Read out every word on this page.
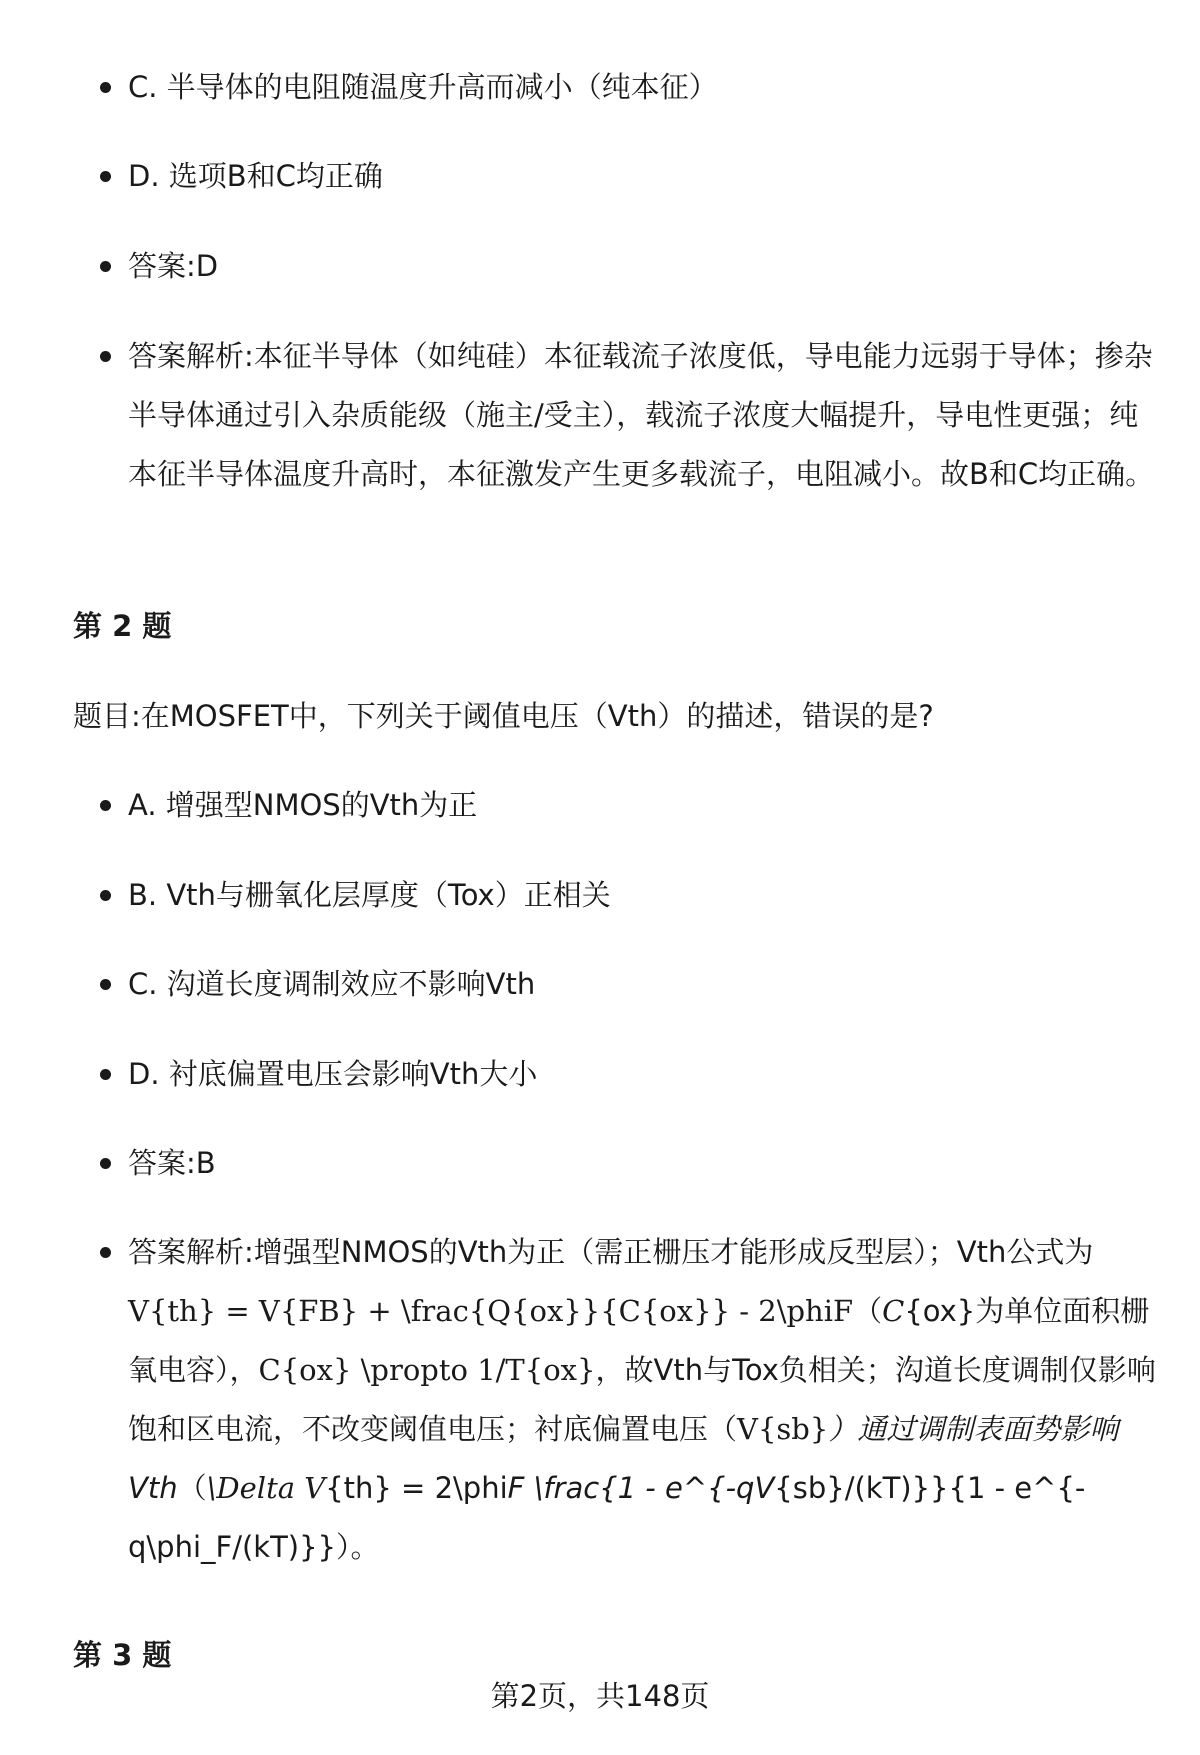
C. 半导体的电阻随温度升高而减小（纯本征）
D. 选项B和C均正确
答案:D
答案解析:本征半导体（如纯硅）本征载流子浓度低，导电能力远弱于导体；掺杂半导体通过引入杂质能级（施主/受主），载流子浓度大幅提升，导电性更强；纯本征半导体温度升高时，本征激发产生更多载流子，电阻减小。故B和C均正确。
第 2 题
题目:在MOSFET中，下列关于阈值电压（Vth）的描述，错误的是?
A. 增强型NMOS的Vth为正
B. Vth与栅氧化层厚度（Tox）正相关
C. 沟道长度调制效应不影响Vth
D. 衬底偏置电压会影响Vth大小
答案:B
答案解析:增强型NMOS的Vth为正（需正栅压才能形成反型层）；Vth公式为V{th} = V{FB} + \frac{Q{ox}}{C{ox}} - 2\phiF（C{ox}为单位面积栅氧电容），C{ox} \propto 1/T{ox}，故Vth与Tox负相关；沟道长度调制仅影响饱和区电流，不改变阈值电压；衬底偏置电压（V{sb}）通过调制表面势影响Vth（\Delta V{th} = 2\phiF \frac{1 - e^{-qV{sb}/(kT)}}{1 - e^{-q\phi_F/(kT)}}）。
第 3 题
第2页，共148页
